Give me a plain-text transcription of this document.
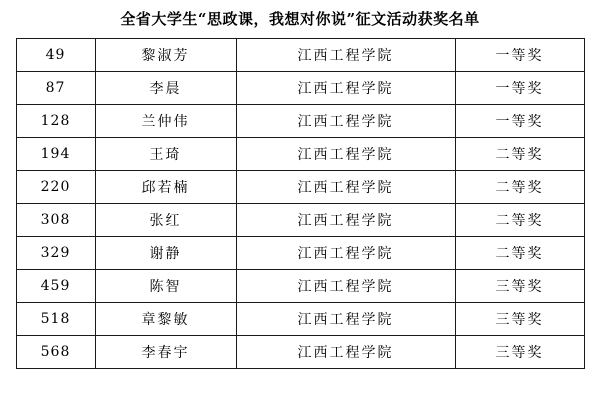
全省大学生“思政课，我想对你说”征文活动获奖名单
49	黎淑芳	江西工程学院	一等奖
87	李晨	江西工程学院	一等奖
128	兰仲伟	江西工程学院	一等奖
194	王琦	江西工程学院	二等奖
220	邱若楠	江西工程学院	二等奖
308	张红	江西工程学院	二等奖
329	谢静	江西工程学院	二等奖
459	陈智	江西工程学院	三等奖
518	章黎敏	江西工程学院	三等奖
568	李春宇	江西工程学院	三等奖
